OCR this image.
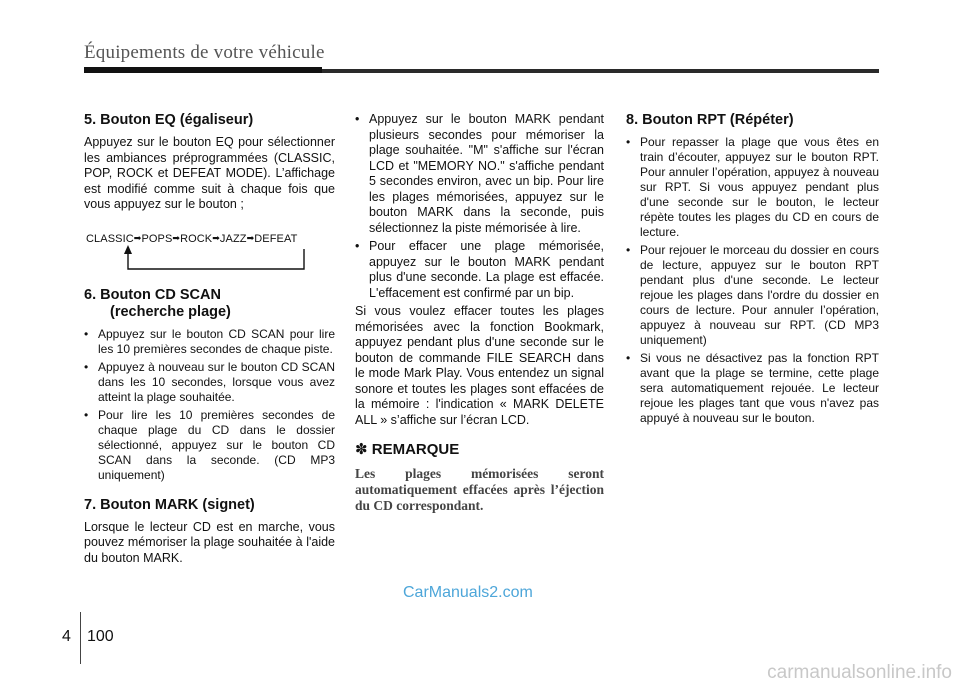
Équipements de votre véhicule
5. Bouton EQ (égaliseur)

Appuyez sur le bouton EQ pour sélectionner les ambiances préprogrammées (CLASSIC, POP, ROCK et DEFEAT MODE). L’affichage est modifié comme suit à chaque fois que vous appuyez sur le bouton ;

CLASSIC➡POPS➡ROCK➡JAZZ➡DEFEAT
6. Bouton CD SCAN
(recherche plage)
• Appuyez sur le bouton CD SCAN pour lire les 10 premières secondes de chaque piste.
• Appuyez à nouveau sur le bouton CD SCAN dans les 10 secondes, lorsque vous avez atteint la plage souhaitée.
• Pour lire les 10 premières secondes de chaque plage du CD dans le dossier sélectionné, appuyez sur le bouton CD SCAN dans la seconde. (CD MP3 uniquement)
7. Bouton MARK (signet)

Lorsque le lecteur CD est en marche, vous pouvez mémoriser la plage souhaitée à l'aide du bouton MARK.

• Appuyez sur le bouton MARK pendant plusieurs secondes pour mémoriser la plage souhaitée. "M" s'affiche sur l'écran LCD et "MEMORY NO." s'affiche pendant 5 secondes environ, avec un bip. Pour lire les plages mémorisées, appuyez sur le bouton MARK dans la seconde, puis sélectionnez la piste mémorisée à lire.
• Pour effacer une plage mémorisée, appuyez sur le bouton MARK pendant plus d'une seconde. La plage est effacée. L'effacement est confirmé par un bip.

Si vous voulez effacer toutes les plages mémorisées avec la fonction Bookmark, appuyez pendant plus d'une seconde sur le bouton de commande FILE SEARCH dans le mode Mark Play. Vous entendez un signal sonore et toutes les plages sont effacées de la mémoire : l'indication « MARK DELETE ALL » s’affiche sur l’écran LCD.

✽ REMARQUE
Les plages mémorisées seront automatiquement effacées après l’éjection du CD correspondant.
8. Bouton RPT (Répéter)
• Pour repasser la plage que vous êtes en train d’écouter, appuyez sur le bouton RPT. Pour annuler l’opération, appuyez à nouveau sur RPT. Si vous appuyez pendant plus d'une seconde sur le bouton, le lecteur répète toutes les plages du CD en cours de lecture.
• Pour rejouer le morceau du dossier en cours de lecture, appuyez sur le bouton RPT pendant plus d'une seconde. Le lecteur rejoue les plages dans l'ordre du dossier en cours de lecture. Pour annuler l’opération, appuyez à nouveau sur RPT. (CD MP3 uniquement)
• Si vous ne désactivez pas la fonction RPT avant que la plage se termine, cette plage sera automatiquement rejouée. Le lecteur rejoue les plages tant que vous n'avez pas appuyé à nouveau sur le bouton.
CarManuals2.com
4 100
carmanualsonline.info
